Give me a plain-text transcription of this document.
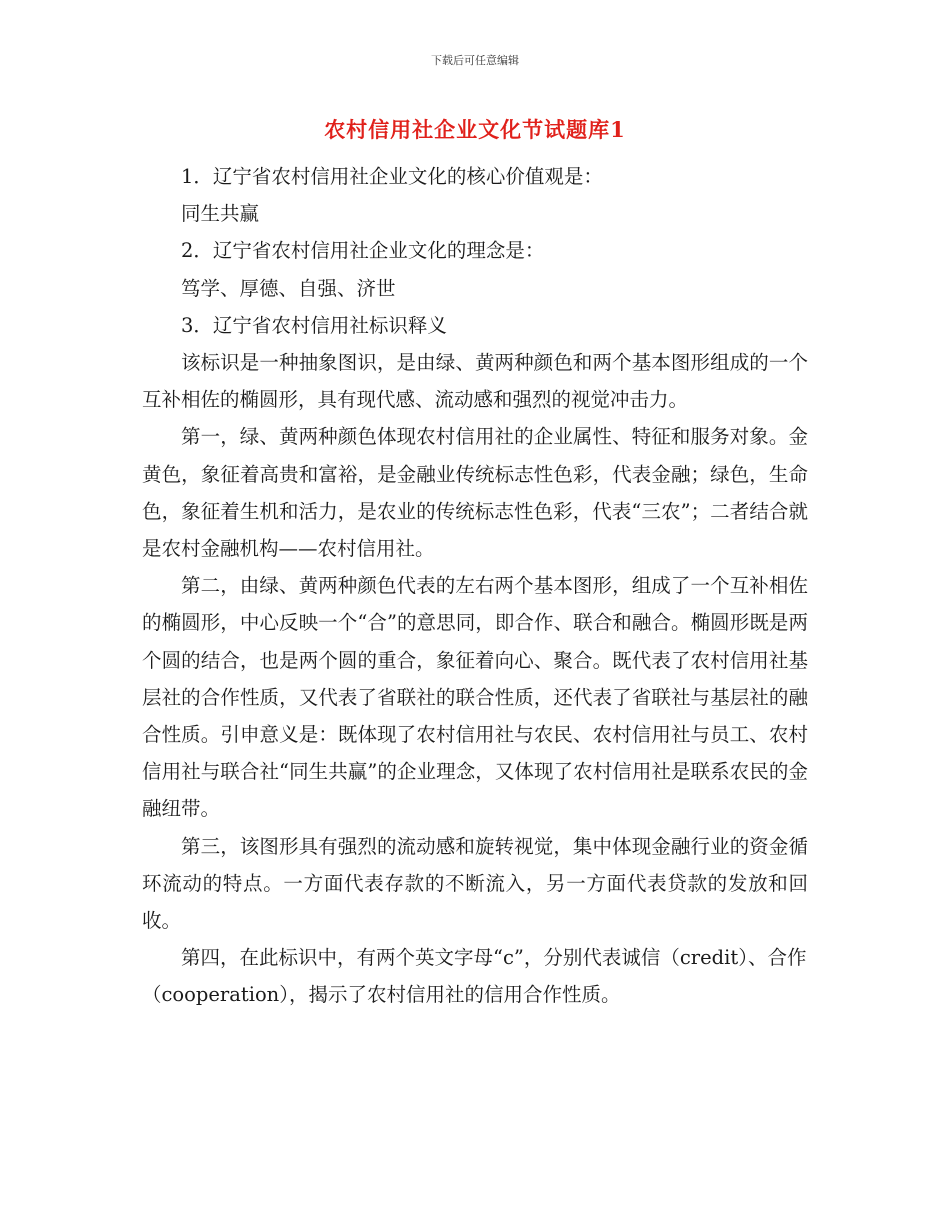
下载后可任意编辑
农村信用社企业文化节试题库1

1．辽宁省农村信用社企业文化的核心价值观是：

同生共赢

2．辽宁省农村信用社企业文化的理念是：

笃学、厚德、自强、济世

3．辽宁省农村信用社标识释义

该标识是一种抽象图识，是由绿、黄两种颜色和两个基本图形组成的一个互补相佐的椭圆形，具有现代感、流动感和强烈的视觉冲击力。

第一，绿、黄两种颜色体现农村信用社的企业属性、特征和服务对象。金黄色，象征着高贵和富裕，是金融业传统标志性色彩，代表金融；绿色，生命色，象征着生机和活力，是农业的传统标志性色彩，代表“三农”；二者结合就是农村金融机构——农村信用社。

第二，由绿、黄两种颜色代表的左右两个基本图形，组成了一个互补相佐的椭圆形，中心反映一个“合”的意思同，即合作、联合和融合。椭圆形既是两个圆的结合，也是两个圆的重合，象征着向心、聚合。既代表了农村信用社基层社的合作性质，又代表了省联社的联合性质，还代表了省联社与基层社的融合性质。引申意义是：既体现了农村信用社与农民、农村信用社与员工、农村信用社与联合社“同生共赢”的企业理念，又体现了农村信用社是联系农民的金融纽带。

第三，该图形具有强烈的流动感和旋转视觉，集中体现金融行业的资金循环流动的特点。一方面代表存款的不断流入，另一方面代表贷款的发放和回收。

第四，在此标识中，有两个英文字母“c”，分别代表诚信（credit）、合作（cooperation），揭示了农村信用社的信用合作性质。
